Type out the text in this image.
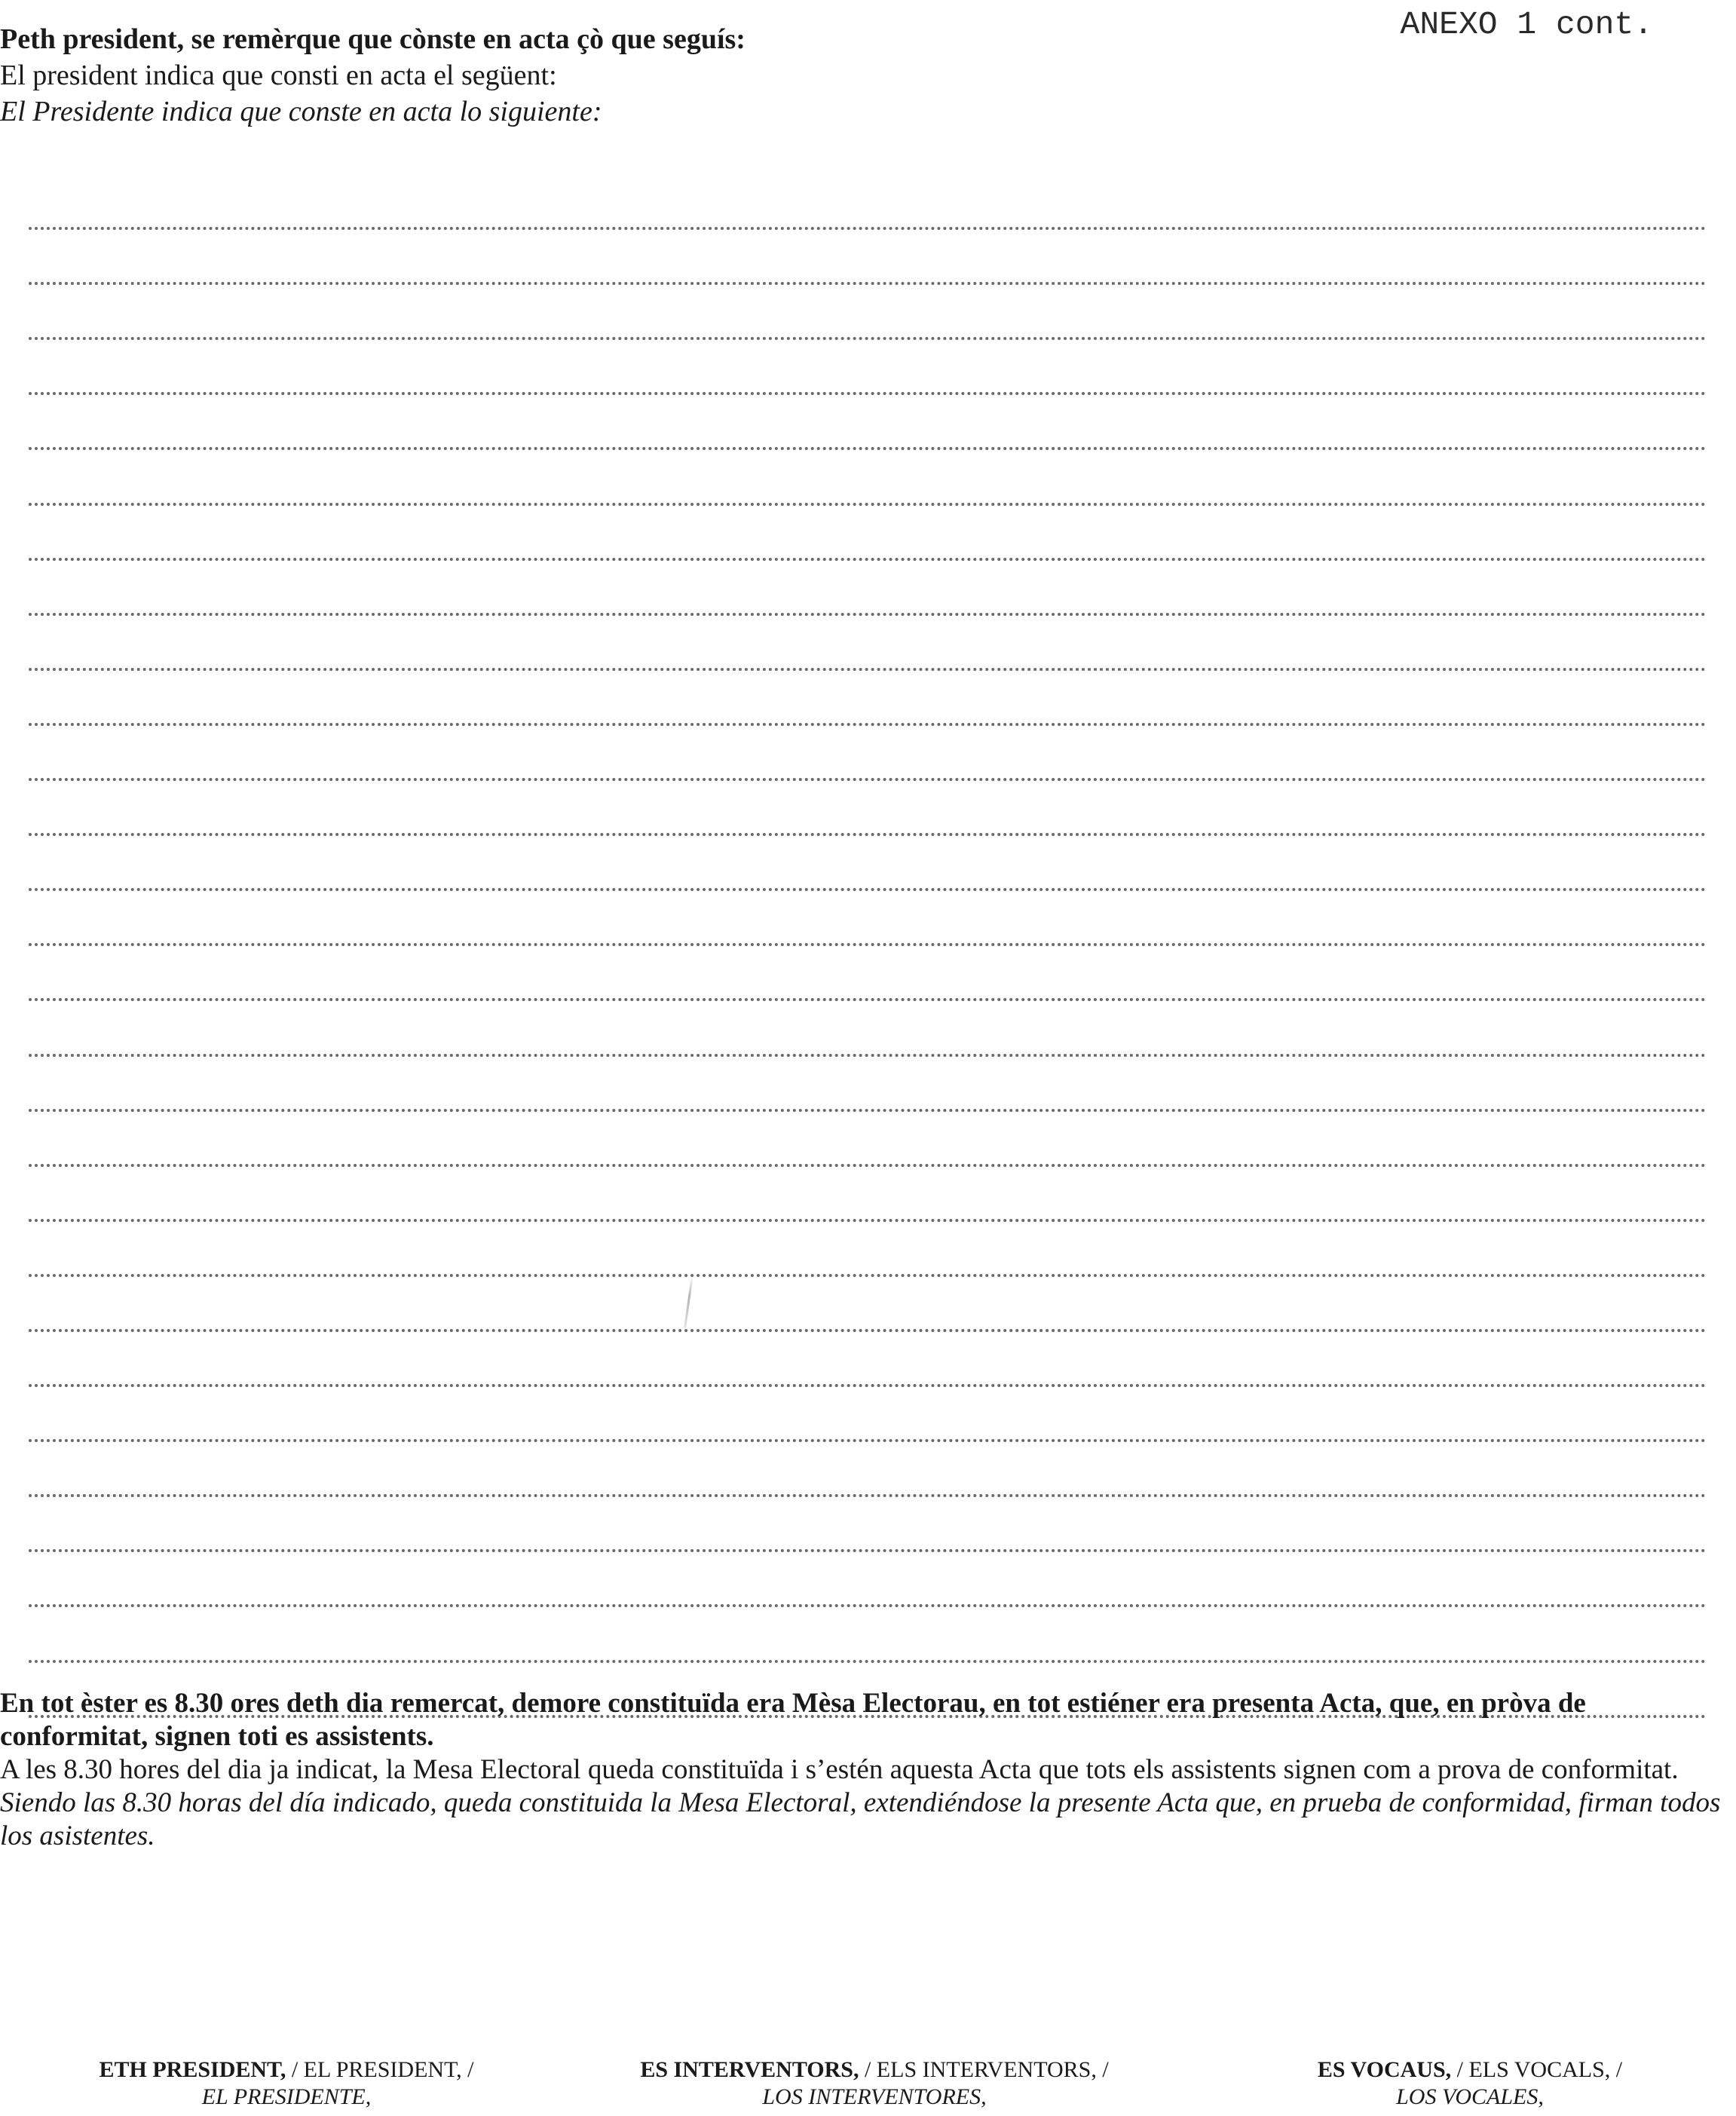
ANEXO 1 cont.
Peth president, se remèrque que cònste en acta çò que seguís:
El president indica que consti en acta el següent:
El Presidente indica que conste en acta lo siguiente:

En tot èster es 8.30 ores deth dia remercat, demore constituïda era Mèsa Electorau, en tot estiéner era presenta Acta, que, en pròva de conformitat, signen toti es assistents.

A les 8.30 hores del dia ja indicat, la Mesa Electoral queda constituïda i s’estén aquesta Acta que tots els assistents signen com a prova de conformitat.

Siendo las 8.30 horas del día indicado, queda constituida la Mesa Electoral, extendiéndose la presente Acta que, en prueba de conformidad, firman todos los asistentes.

ETH PRESIDENT, / EL PRESIDENT, /
EL PRESIDENTE,
ES INTERVENTORS, / ELS INTERVENTORS, /
LOS INTERVENTORES,
ES VOCAUS, / ELS VOCALS, /
LOS VOCALES,
